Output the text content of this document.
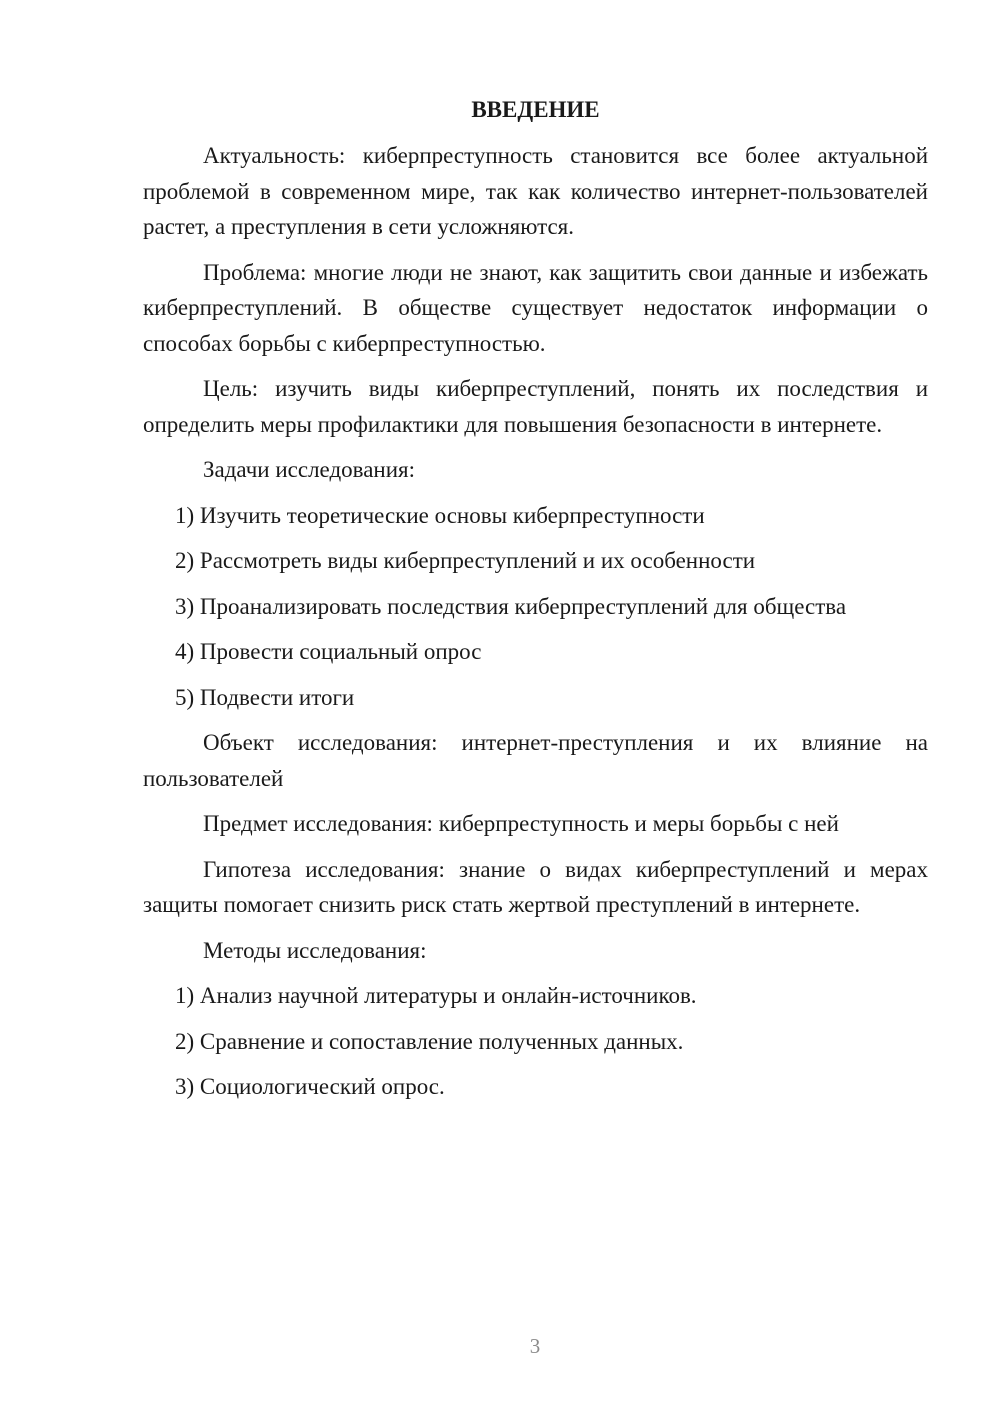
ВВЕДЕНИЕ

Актуальность: киберпреступность становится все более актуальной проблемой в современном мире, так как количество интернет-пользователей растет, а преступления в сети усложняются.

Проблема: многие люди не знают, как защитить свои данные и избежать киберпреступлений. В обществе существует недостаток информации о способах борьбы с киберпреступностью.

Цель: изучить виды киберпреступлений, понять их последствия и определить меры профилактики для повышения безопасности в интернете.

Задачи исследования:

1) Изучить теоретические основы киберпреступности

2) Рассмотреть виды киберпреступлений и их особенности

3) Проанализировать последствия киберпреступлений для общества

4) Провести социальный опрос

5) Подвести итоги

Объект исследования: интернет-преступления и их влияние на пользователей

Предмет исследования: киберпреступность и меры борьбы с ней

Гипотеза исследования: знание о видах киберпреступлений и мерах защиты помогает снизить риск стать жертвой преступлений в интернете.

Методы исследования:

1) Анализ научной литературы и онлайн-источников.

2) Сравнение и сопоставление полученных данных.

3) Социологический опрос.

3
